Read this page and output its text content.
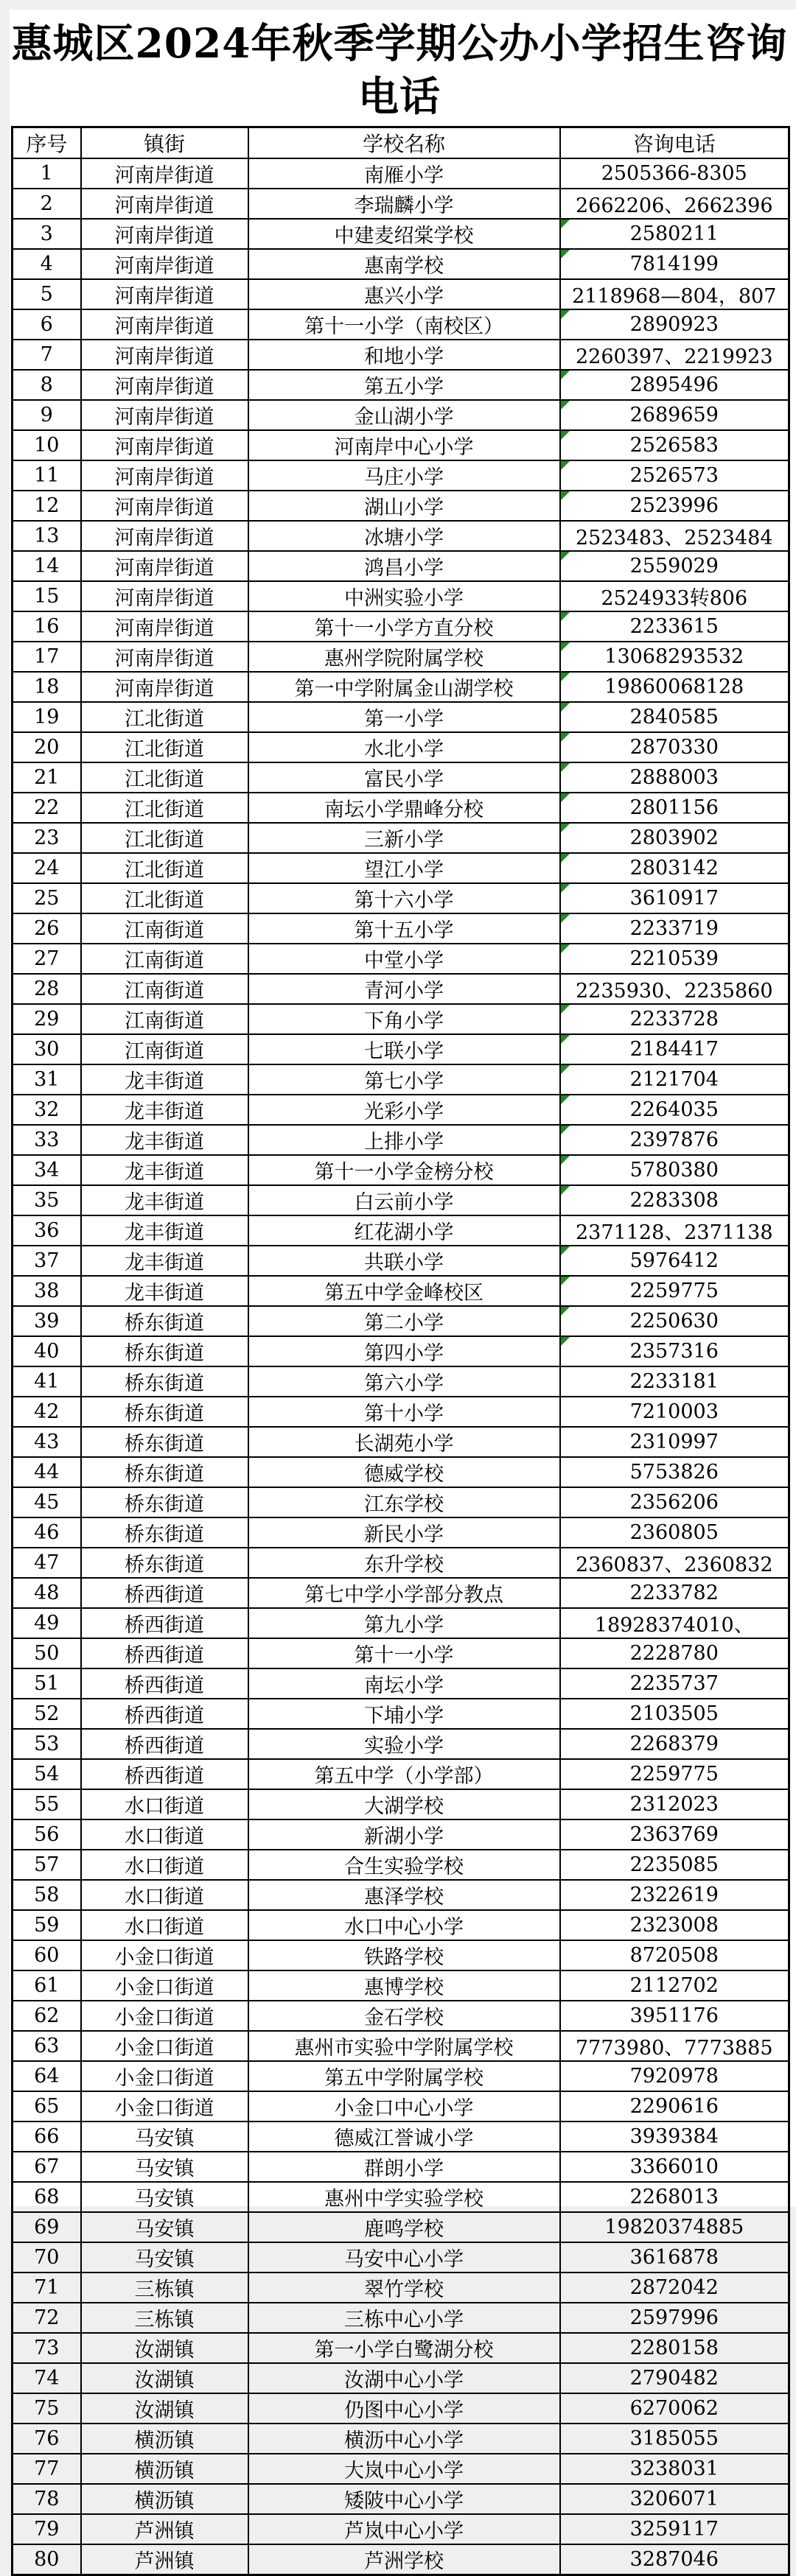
惠城区2024年秋季学期公办小学招生咨询
电话
序号	镇街	学校名称	咨询电话
1	河南岸街道	南雁小学	2505366-8305
2	河南岸街道	李瑞麟小学	2662206、2662396
3	河南岸街道	中建麦绍棠学校	2580211
4	河南岸街道	惠南学校	7814199
5	河南岸街道	惠兴小学	2118968—804，807
6	河南岸街道	第十一小学（南校区）	2890923
7	河南岸街道	和地小学	2260397、2219923
8	河南岸街道	第五小学	2895496
9	河南岸街道	金山湖小学	2689659
10	河南岸街道	河南岸中心小学	2526583
11	河南岸街道	马庄小学	2526573
12	河南岸街道	湖山小学	2523996
13	河南岸街道	冰塘小学	2523483、2523484
14	河南岸街道	鸿昌小学	2559029
15	河南岸街道	中洲实验小学	2524933转806
16	河南岸街道	第十一小学方直分校	2233615
17	河南岸街道	惠州学院附属学校	13068293532
18	河南岸街道	第一中学附属金山湖学校	19860068128
19	江北街道	第一小学	2840585
20	江北街道	水北小学	2870330
21	江北街道	富民小学	2888003
22	江北街道	南坛小学鼎峰分校	2801156
23	江北街道	三新小学	2803902
24	江北街道	望江小学	2803142
25	江北街道	第十六小学	3610917
26	江南街道	第十五小学	2233719
27	江南街道	中堂小学	2210539
28	江南街道	青河小学	2235930、2235860
29	江南街道	下角小学	2233728
30	江南街道	七联小学	2184417
31	龙丰街道	第七小学	2121704
32	龙丰街道	光彩小学	2264035
33	龙丰街道	上排小学	2397876
34	龙丰街道	第十一小学金榜分校	5780380
35	龙丰街道	白云前小学	2283308
36	龙丰街道	红花湖小学	2371128、2371138
37	龙丰街道	共联小学	5976412
38	龙丰街道	第五中学金峰校区	2259775
39	桥东街道	第二小学	2250630
40	桥东街道	第四小学	2357316
41	桥东街道	第六小学	2233181
42	桥东街道	第十小学	7210003
43	桥东街道	长湖苑小学	2310997
44	桥东街道	德威学校	5753826
45	桥东街道	江东学校	2356206
46	桥东街道	新民小学	2360805
47	桥东街道	东升学校	2360837、2360832
48	桥西街道	第七中学小学部分教点	2233782
49	桥西街道	第九小学	18928374010、
50	桥西街道	第十一小学	2228780
51	桥西街道	南坛小学	2235737
52	桥西街道	下埔小学	2103505
53	桥西街道	实验小学	2268379
54	桥西街道	第五中学（小学部）	2259775
55	水口街道	大湖学校	2312023
56	水口街道	新湖小学	2363769
57	水口街道	合生实验学校	2235085
58	水口街道	惠泽学校	2322619
59	水口街道	水口中心小学	2323008
60	小金口街道	铁路学校	8720508
61	小金口街道	惠博学校	2112702
62	小金口街道	金石学校	3951176
63	小金口街道	惠州市实验中学附属学校	7773980、7773885
64	小金口街道	第五中学附属学校	7920978
65	小金口街道	小金口中心小学	2290616
66	马安镇	德威江誉诚小学	3939384
67	马安镇	群朗小学	3366010
68	马安镇	惠州中学实验学校	2268013
69	马安镇	鹿鸣学校	19820374885
70	马安镇	马安中心小学	3616878
71	三栋镇	翠竹学校	2872042
72	三栋镇	三栋中心小学	2597996
73	汝湖镇	第一小学白鹭湖分校	2280158
74	汝湖镇	汝湖中心小学	2790482
75	汝湖镇	仍图中心小学	6270062
76	横沥镇	横沥中心小学	3185055
77	横沥镇	大岚中心小学	3238031
78	横沥镇	矮陂中心小学	3206071
79	芦洲镇	芦岚中心小学	3259117
80	芦洲镇	芦洲学校	3287046
